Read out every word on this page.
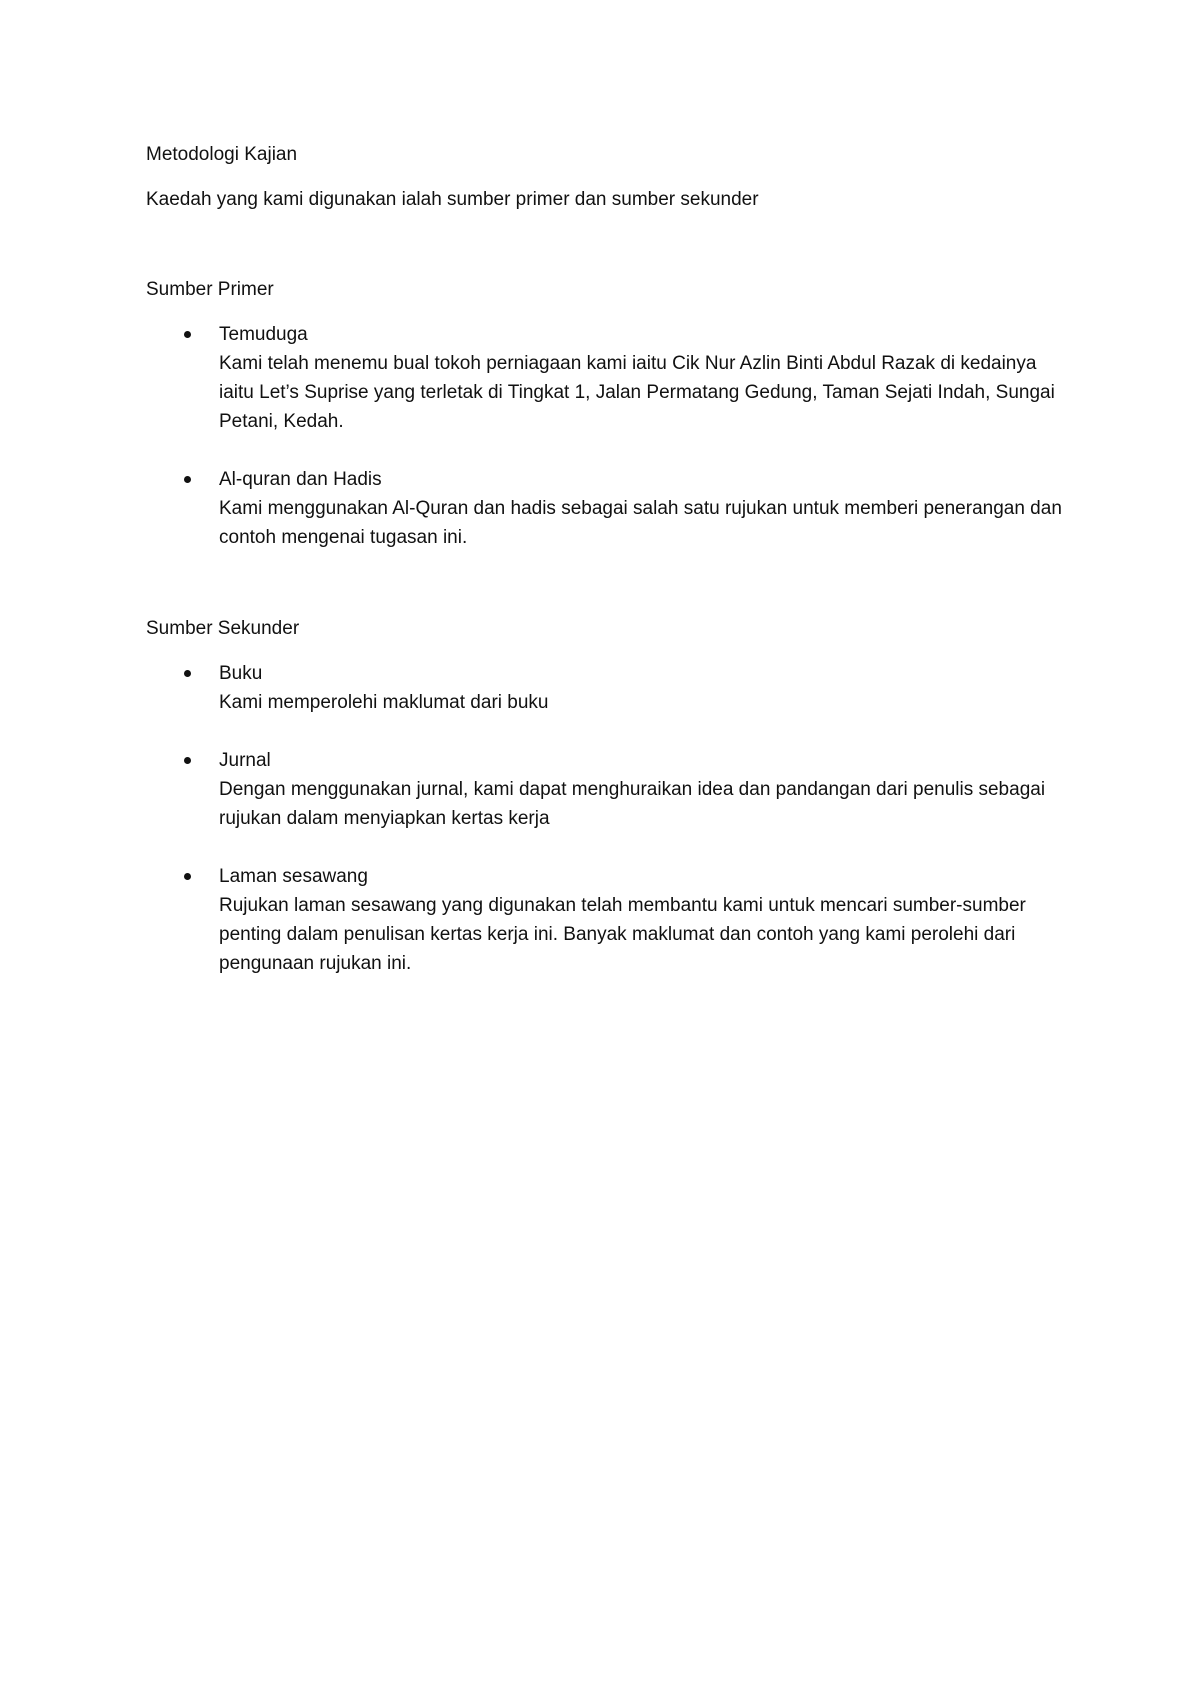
Metodologi Kajian

Kaedah yang kami digunakan ialah sumber primer dan sumber sekunder

Sumber Primer
Temuduga
Kami telah menemu bual tokoh perniagaan kami iaitu Cik Nur Azlin Binti Abdul Razak di kedainya iaitu Let’s Suprise yang terletak di Tingkat 1, Jalan Permatang Gedung, Taman Sejati Indah, Sungai Petani, Kedah.
Al-quran dan Hadis
Kami menggunakan Al-Quran dan hadis sebagai salah satu rujukan untuk memberi penerangan dan contoh mengenai tugasan ini.
Sumber Sekunder
Buku
Kami memperolehi maklumat dari buku
Jurnal
Dengan menggunakan jurnal, kami dapat menghuraikan idea dan pandangan dari penulis sebagai rujukan dalam menyiapkan kertas kerja
Laman sesawang
Rujukan laman sesawang yang digunakan telah membantu kami untuk mencari sumber-sumber penting dalam penulisan kertas kerja ini. Banyak maklumat dan contoh yang kami perolehi dari pengunaan rujukan ini.
